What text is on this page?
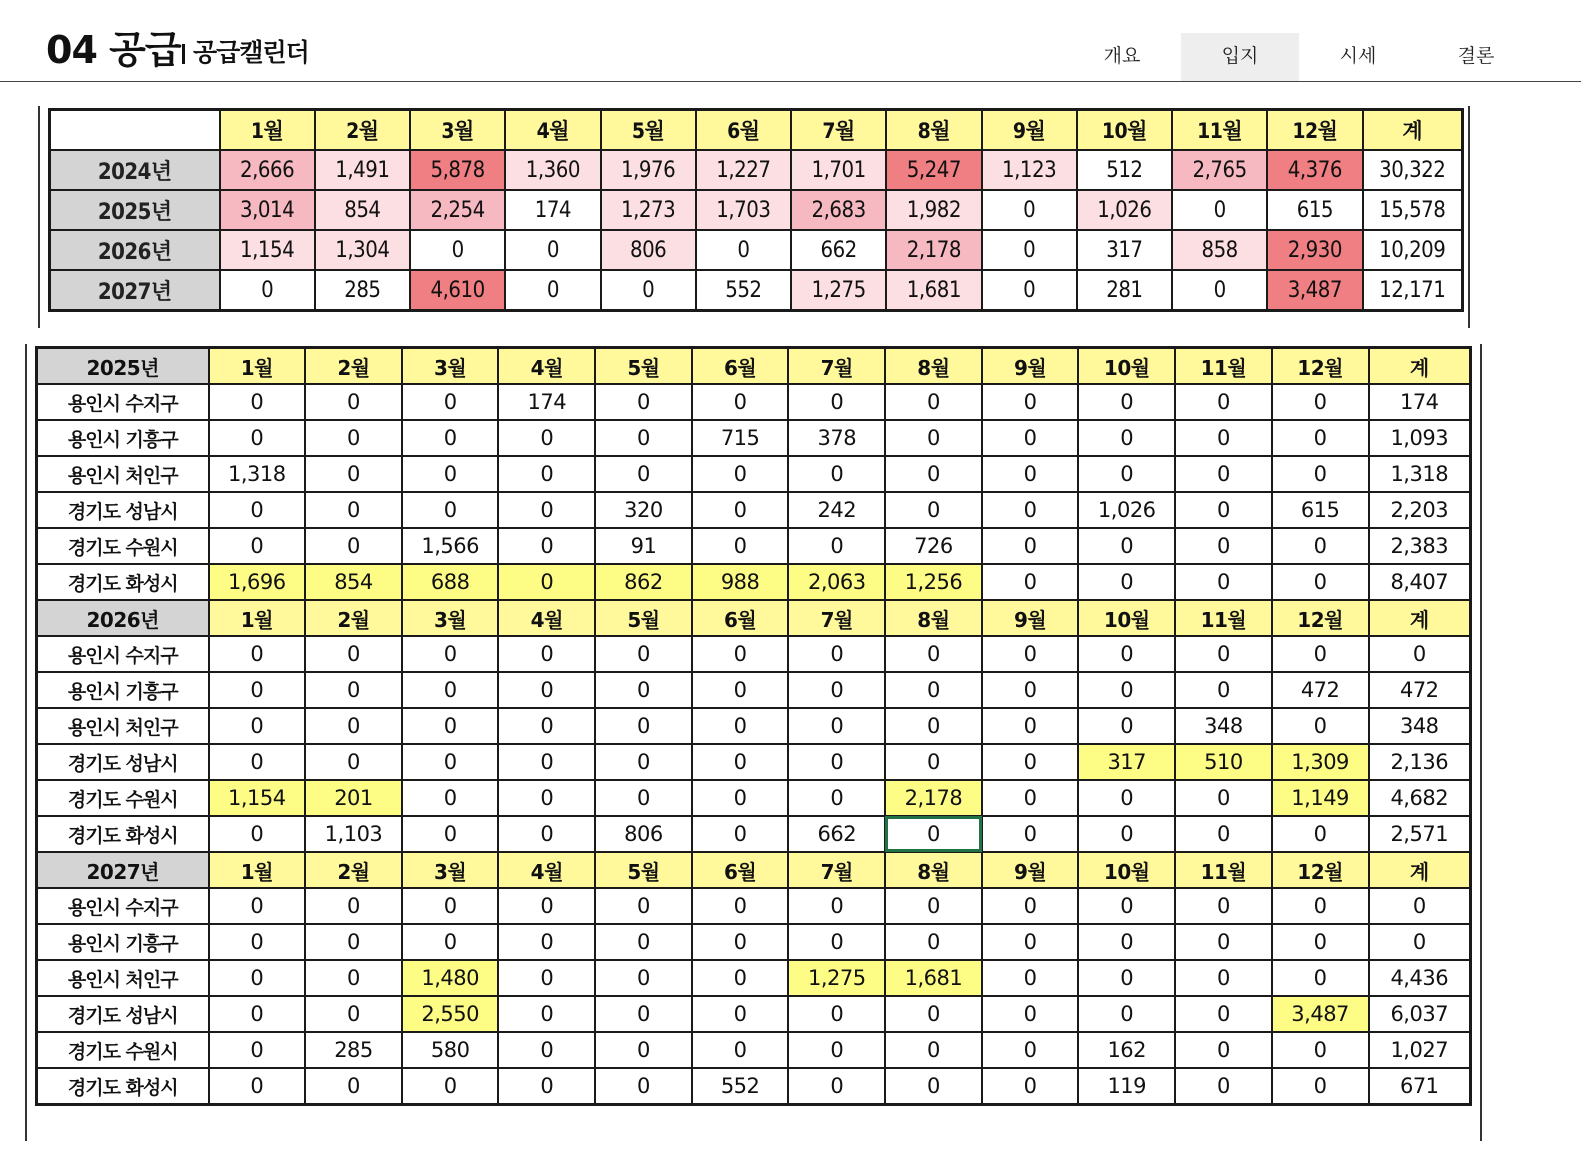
04 공급 공급캘린더	개요	입지	시세	결론
	1월	2월	3월	4월	5월	6월	7월	8월	9월	10월	11월	12월	계
2024년	2,666	1,491	5,878	1,360	1,976	1,227	1,701	5,247	1,123	512	2,765	4,376	30,322
2025년	3,014	854	2,254	174	1,273	1,703	2,683	1,982	0	1,026	0	615	15,578
2026년	1,154	1,304	0	0	806	0	662	2,178	0	317	858	2,930	10,209
2027년	0	285	4,610	0	0	552	1,275	1,681	0	281	0	3,487	12,171
2025년	1월	2월	3월	4월	5월	6월	7월	8월	9월	10월	11월	12월	계
용인시 수지구	0	0	0	174	0	0	0	0	0	0	0	0	174
용인시 기흥구	0	0	0	0	0	715	378	0	0	0	0	0	1,093
용인시 처인구	1,318	0	0	0	0	0	0	0	0	0	0	0	1,318
경기도 성남시	0	0	0	0	320	0	242	0	0	1,026	0	615	2,203
경기도 수원시	0	0	1,566	0	91	0	0	726	0	0	0	0	2,383
경기도 화성시	1,696	854	688	0	862	988	2,063	1,256	0	0	0	0	8,407
2026년	1월	2월	3월	4월	5월	6월	7월	8월	9월	10월	11월	12월	계
용인시 수지구	0	0	0	0	0	0	0	0	0	0	0	0	0
용인시 기흥구	0	0	0	0	0	0	0	0	0	0	0	472	472
용인시 처인구	0	0	0	0	0	0	0	0	0	0	348	0	348
경기도 성남시	0	0	0	0	0	0	0	0	0	317	510	1,309	2,136
경기도 수원시	1,154	201	0	0	0	0	0	2,178	0	0	0	1,149	4,682
경기도 화성시	0	1,103	0	0	806	0	662	0	0	0	0	0	2,571
2027년	1월	2월	3월	4월	5월	6월	7월	8월	9월	10월	11월	12월	계
용인시 수지구	0	0	0	0	0	0	0	0	0	0	0	0	0
용인시 기흥구	0	0	0	0	0	0	0	0	0	0	0	0	0
용인시 처인구	0	0	1,480	0	0	0	1,275	1,681	0	0	0	0	4,436
경기도 성남시	0	0	2,550	0	0	0	0	0	0	0	0	3,487	6,037
경기도 수원시	0	285	580	0	0	0	0	0	0	162	0	0	1,027
경기도 화성시	0	0	0	0	0	552	0	0	0	119	0	0	671
